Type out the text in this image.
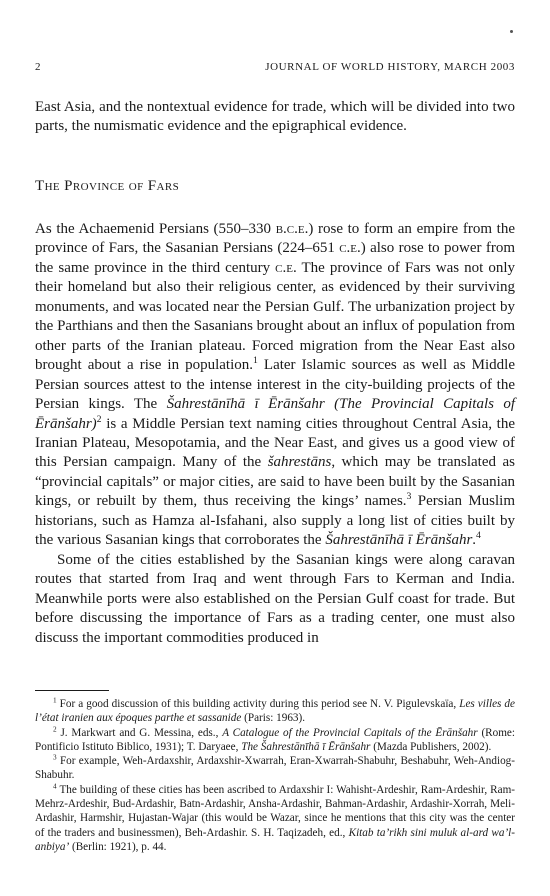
2	JOURNAL OF WORLD HISTORY, MARCH 2003

East Asia, and the nontextual evidence for trade, which will be divided into two parts, the numismatic evidence and the epigraphical evidence.

The Province of Fars

As the Achaemenid Persians (550–330 b.c.e.) rose to form an empire from the province of Fars, the Sasanian Persians (224–651 c.e.) also rose to power from the same province in the third century c.e. The province of Fars was not only their homeland but also their religious center, as evidenced by their surviving monuments, and was located near the Persian Gulf. The urbanization project by the Parthians and then the Sasanians brought about an influx of population from other parts of the Iranian plateau. Forced migration from the Near East also brought about a rise in population.$^1$ Later Islamic sources as well as Middle Persian sources attest to the intense interest in the city-building projects of the Persian kings. The Šahrestānīhā ī Ērānšahr (The Provincial Capitals of Ērānšahr)$^2$ is a Middle Persian text naming cities throughout Central Asia, the Iranian Plateau, Mesopotamia, and the Near East, and gives us a good view of this Persian campaign. Many of the šahrestāns, which may be translated as “provincial capitals” or major cities, are said to have been built by the Sasanian kings, or rebuilt by them, thus receiving the kings’ names.$^3$ Persian Muslim historians, such as Hamza al-Isfahani, also supply a long list of cities built by the various Sasanian kings that corroborates the Šahrestānīhā ī Ērānšahr.$^4$

Some of the cities established by the Sasanian kings were along caravan routes that started from Iraq and went through Fars to Kerman and India. Meanwhile ports were also established on the Persian Gulf coast for trade. But before discussing the importance of Fars as a trading center, one must also discuss the important commodities produced in

$^1$ For a good discussion of this building activity during this period see N. V. Pigulevskaïa, Les villes de l’état iranien aux époques parthe et sassanide (Paris: 1963).

$^2$ J. Markwart and G. Messina, eds., A Catalogue of the Provincial Capitals of the Ērānšahr (Rome: Pontificio Istituto Biblico, 1931); T. Daryaee, The Šahrestānīhā ī Ērānšahr (Mazda Publishers, 2002).

$^3$ For example, Weh-Ardaxshir, Ardaxshir-Xwarrah, Eran-Xwarrah-Shabuhr, Beshabuhr, Weh-Andiog-Shabuhr.

$^4$ The building of these cities has been ascribed to Ardaxshir I: Wahisht-Ardeshir, Ram-Ardeshir, Ram-Mehrz-Ardeshir, Bud-Ardashir, Batn-Ardashir, Ansha-Ardashir, Bahman-Ardashir, Ardashir-Xorrah, Meli-Ardashir, Harmshir, Hujastan-Wajar (this would be Wazar, since he mentions that this city was the center of the traders and businessmen), Beh-Ardashir. S. H. Taqizadeh, ed., Kitab ta’rikh sini muluk al-ard wa’l-anbiya’ (Berlin: 1921), p. 44.
